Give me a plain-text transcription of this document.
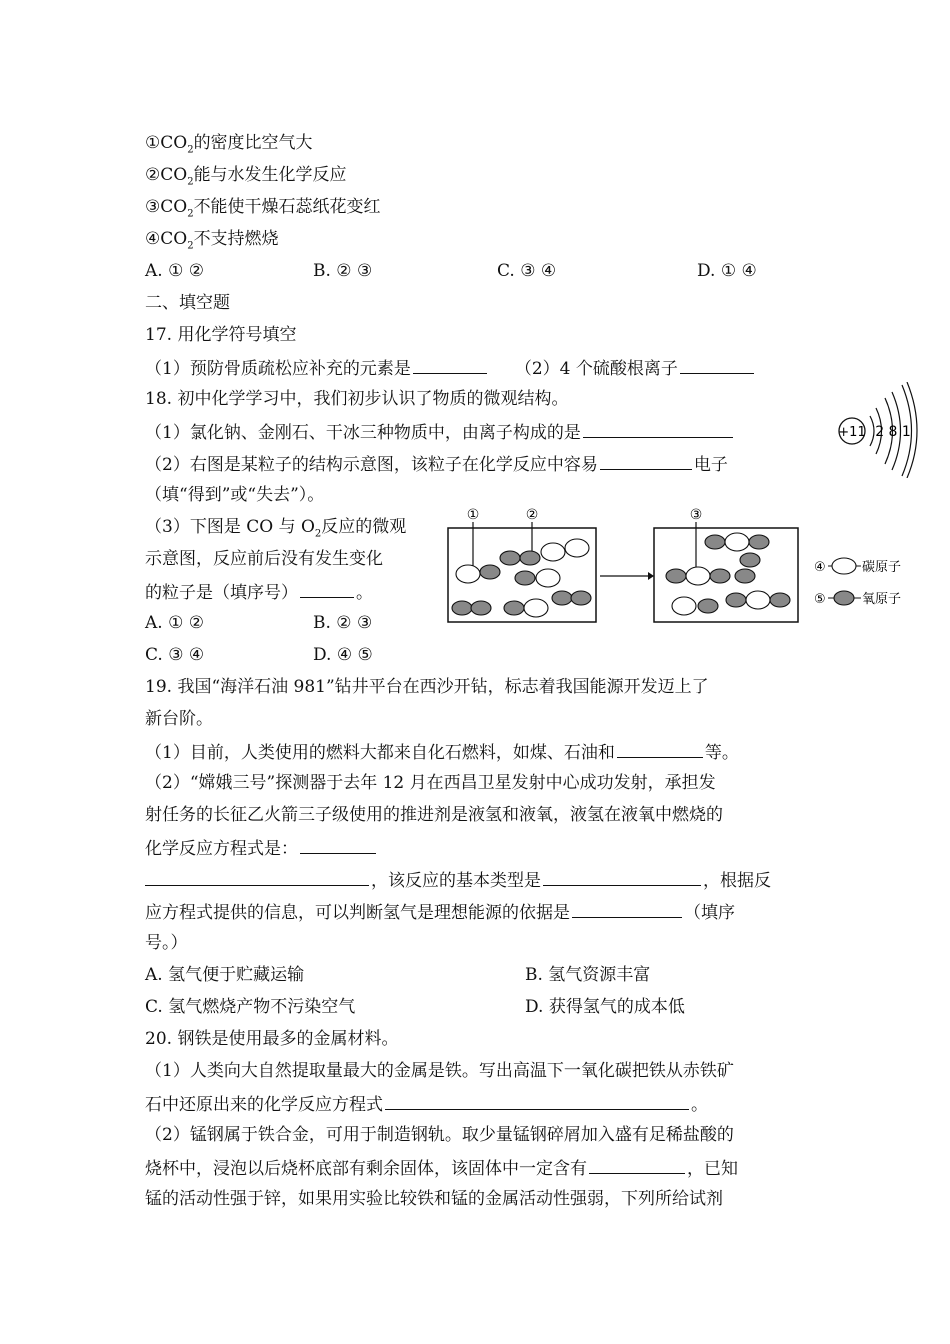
$①CO_2$的密度比空气大
$②CO_2$能与水发生化学反应
$③CO_2$不能使干燥石蕊纸花变红
$④CO_2$不支持燃烧
A. ① ②	B. ② ③	C. ③ ④	D. ① ④
二、填空题
17. 用化学符号填空
（1）预防骨质疏松应补充的元素是	（2）4 个硫酸根离子
18. 初中化学学习中，我们初步认识了物质的微观结构。
（1）氯化钠、金刚石、干冰三种物质中，由离子构成的是
（2）右图是某粒子的结构示意图，该粒子在化学反应中容易	电子
（填“得到”或“失去”）。
（3）下图是 CO 与 $O_2$反应的微观
示意图，反应前后没有发生变化
的粒子是（填序号）	。
A. ① ②	B. ② ③
C. ③ ④	D. ④ ⑤
+11 2 8 1
①	②	③
④	碳原子
⑤	氧原子
19. 我国“海洋石油 981”钻井平台在西沙开钻，标志着我国能源开发迈上了
新台阶。
（1）目前，人类使用的燃料大都来自化石燃料，如煤、石油和	等。
（2）“嫦娥三号”探测器于去年 12 月在西昌卫星发射中心成功发射，承担发
射任务的长征乙火箭三子级使用的推进剂是液氢和液氧，液氢在液氧中燃烧的
化学反应方程式是：
，该反应的基本类型是	，根据反
应方程式提供的信息，可以判断氢气是理想能源的依据是	（填序
号。）
A. 氢气便于贮藏运输	B. 氢气资源丰富
C. 氢气燃烧产物不污染空气	D. 获得氢气的成本低
20. 钢铁是使用最多的金属材料。
（1）人类向大自然提取量最大的金属是铁。写出高温下一氧化碳把铁从赤铁矿
石中还原出来的化学反应方程式	。
（2）锰钢属于铁合金，可用于制造钢轨。取少量锰钢碎屑加入盛有足稀盐酸的
烧杯中，浸泡以后烧杯底部有剩余固体，该固体中一定含有	，已知
锰的活动性强于锌，如果用实验比较铁和锰的金属活动性强弱，下列所给试剂
